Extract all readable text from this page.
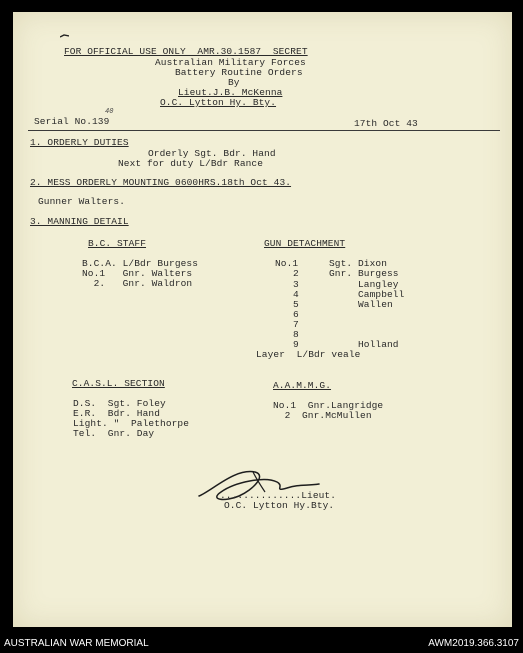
FOR OFFICIAL USE ONLY  AMR.30.1587  SECRET
Australian Military Forces
Battery Routine Orders
By
Lieut.J.B. McKenna
O.C. Lytton Hy. Bty.
Serial No.139
40
17th Oct 43
1. ORDERLY DUTIES
Orderly Sgt. Bdr. Hand
Next for duty L/Bdr Rance
2. MESS ORDERLY MOUNTING 0600HRS.18th Oct 43.
Gunner Walters.
3. MANNING DETAIL
B.C. STAFF
B.C.A. L/Bdr Burgess
No.1   Gnr. Walters
2.   Gnr. Waldron
GUN DETACHMENT
No.1
2
3
4
5
6
7
8
9
Sgt. Dixon
Gnr. Burgess
Langley
Campbell
Wallen
Holland
Layer  L/Bdr veale
C.A.S.L. SECTION
D.S.  Sgt. Foley
E.R.  Bdr. Hand
Light. "  Palethorpe
Tel.  Gnr. Day
A.A.M.M.G.
No.1  Gnr.Langridge
2  Gnr.McMullen
..............Lieut.
O.C. Lytton Hy.Bty.
AUSTRALIAN WAR MEMORIAL	AWM2019.366.3107
